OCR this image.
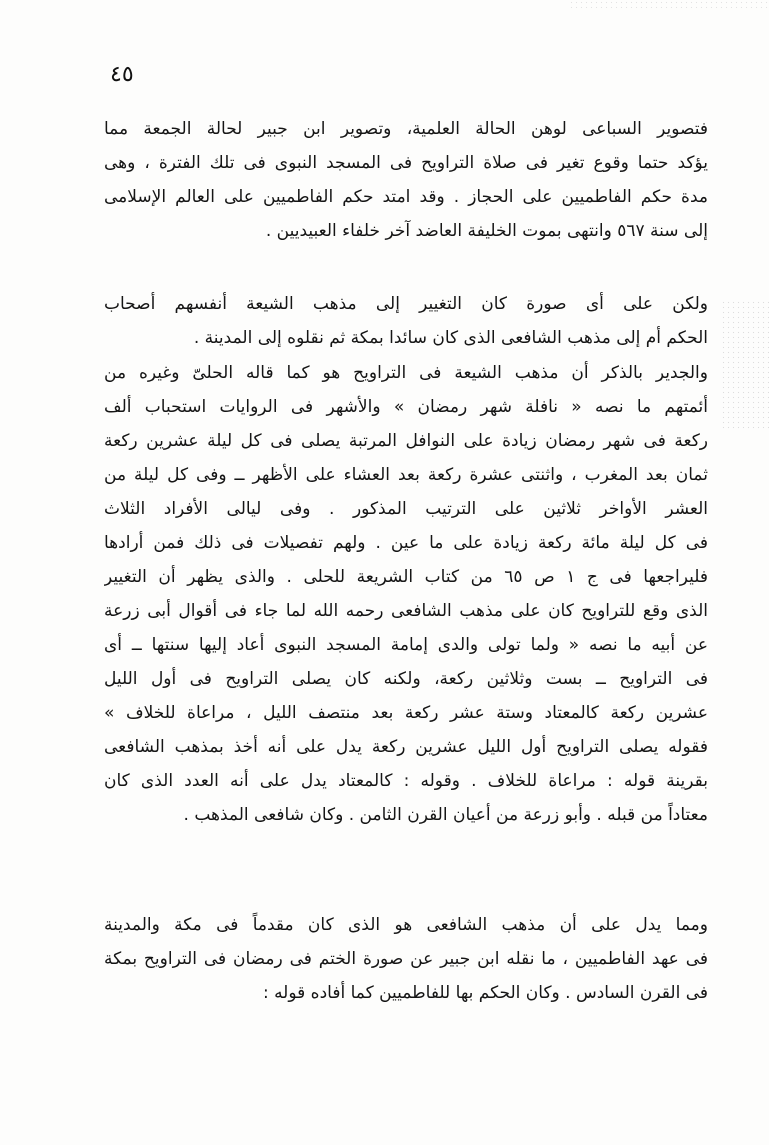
٤٥
فتصوير السباعى لوهن الحالة العلمية، وتصوير ابن جبير لحالة الجمعة مما
يؤكد حتما وقوع تغير فى صلاة التراويح فى المسجد النبوى فى تلك الفترة ، وهى
مدة حكم الفاطميين على الحجاز . وقد امتد حكم الفاطميين على العالم الإسلامى
إلى سنة ٥٦٧ وانتهى بموت الخليفة العاضد آخر خلفاء العبيديين .
ولكن على أى صورة كان التغيير إلى مذهب الشيعة أنفسهم أصحاب
الحكم أم إلى مذهب الشافعى الذى كان سائدا بمكة ثم نقلوه إلى المدينة .
والجدير بالذكر أن مذهب الشيعة فى التراويح هو كما قاله الحلىّ وغيره من
أئمتهم ما نصه « نافلة شهر رمضان » والأشهر فى الروايات استحباب ألف
ركعة فى شهر رمضان زيادة على النوافل المرتبة يصلى فى كل ليلة عشرين ركعة
ثمان بعد المغرب ، واثنتى عشرة ركعة بعد العشاء على الأظهر ــ وفى كل ليلة من
العشر الأواخر ثلاثين على الترتيب المذكور . وفى ليالى الأفراد الثلاث
فى كل ليلة مائة ركعة زيادة على ما عين . ولهم تفصيلات فى ذلك فمن أرادها
فليراجعها فى ج ١ ص ٦٥ من كتاب الشريعة للحلى . والذى يظهر أن التغيير
الذى وقع للتراويح كان على مذهب الشافعى رحمه الله لما جاء فى أقوال أبى زرعة
عن أبيه ما نصه « ولما تولى والدى إمامة المسجد النبوى أعاد إليها سنتها ــ أى
فى التراويح ــ بست وثلاثين ركعة، ولكنه كان يصلى التراويح فى أول الليل
عشرين ركعة كالمعتاد وستة عشر ركعة بعد منتصف الليل ، مراعاة للخلاف »
فقوله يصلى التراويح أول الليل عشرين ركعة يدل على أنه أخذ بمذهب الشافعى
بقرينة قوله : مراعاة للخلاف . وقوله : كالمعتاد يدل على أنه العدد الذى كان
معتاداً من قبله . وأبو زرعة من أعيان القرن الثامن . وكان شافعى المذهب .
ومما يدل على أن مذهب الشافعى هو الذى كان مقدماً فى مكة والمدينة
فى عهد الفاطميين ، ما نقله ابن جبير عن صورة الختم فى رمضان فى التراويح بمكة
فى القرن السادس . وكان الحكم بها للفاطميين كما أفاده قوله :
